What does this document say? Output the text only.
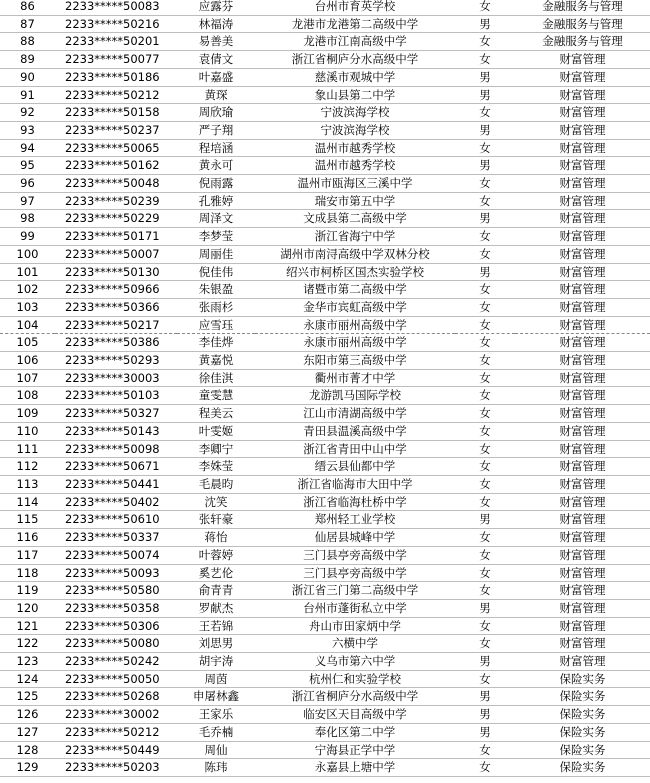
86	2233*****50083	应露芬	台州市育英学校	女	金融服务与管理
87	2233*****50216	林福涛	龙港市龙港第二高级中学	男	金融服务与管理
88	2233*****50201	易善美	龙港市江南高级中学	女	金融服务与管理
89	2233*****50077	袁倩文	浙江省桐庐分水高级中学	女	财富管理
90	2233*****50186	叶嘉盛	慈溪市观城中学	男	财富管理
91	2233*****50212	黄琛	象山县第二中学	男	财富管理
92	2233*****50158	周欣瑜	宁波滨海学校	女	财富管理
93	2233*****50237	严子翔	宁波滨海学校	男	财富管理
94	2233*****50065	程培涵	温州市越秀学校	女	财富管理
95	2233*****50162	黄永可	温州市越秀学校	男	财富管理
96	2233*****50048	倪雨露	温州市瓯海区三溪中学	女	财富管理
97	2233*****50239	孔雅婷	瑞安市第五中学	女	财富管理
98	2233*****50229	周泽文	文成县第二高级中学	男	财富管理
99	2233*****50171	李梦莹	浙江省海宁中学	女	财富管理
100	2233*****50007	周丽佳	湖州市南浔高级中学双林分校	女	财富管理
101	2233*****50130	倪佳伟	绍兴市柯桥区国杰实验学校	男	财富管理
102	2233*****50966	朱银盈	诸暨市第二高级中学	女	财富管理
103	2233*****50366	张雨杉	金华市宾虹高级中学	女	财富管理
104	2233*****50217	应雪珏	永康市丽州高级中学	女	财富管理
105	2233*****50386	李佳烨	永康市丽州高级中学	女	财富管理
106	2233*****50293	黄嘉悦	东阳市第三高级中学	女	财富管理
107	2233*****30003	徐佳淇	衢州市菁才中学	女	财富管理
108	2233*****50103	童雯慧	龙游凯马国际学校	女	财富管理
109	2233*****50327	程美云	江山市清湖高级中学	女	财富管理
110	2233*****50143	叶雯姬	青田县温溪高级中学	女	财富管理
111	2233*****50098	李卿宁	浙江省青田中山中学	女	财富管理
112	2233*****50671	李姝莹	缙云县仙都中学	女	财富管理
113	2233*****50441	毛晨昀	浙江省临海市大田中学	女	财富管理
114	2233*****50402	沈笑	浙江省临海杜桥中学	女	财富管理
115	2233*****50610	张轩豪	郑州轻工业学校	男	财富管理
116	2233*****50337	蒋怡	仙居县城峰中学	女	财富管理
117	2233*****50074	叶蓉婷	三门县亭旁高级中学	女	财富管理
118	2233*****50093	奚艺伦	三门县亭旁高级中学	女	财富管理
119	2233*****50580	俞青青	浙江省三门第二高级中学	女	财富管理
120	2233*****50358	罗献杰	台州市蓬街私立中学	男	财富管理
121	2233*****50306	王若锦	舟山市田家炳中学	女	财富管理
122	2233*****50080	刘思男	六横中学	女	财富管理
123	2233*****50242	胡宇涛	义乌市第六中学	男	财富管理
124	2233*****50050	周茵	杭州仁和实验学校	女	保险实务
125	2233*****50268	申屠林鑫	浙江省桐庐分水高级中学	男	保险实务
126	2233*****30002	王家乐	临安区天目高级中学	男	保险实务
127	2233*****50212	毛乔楠	奉化区第二中学	男	保险实务
128	2233*****50449	周仙	宁海县正学中学	女	保险实务
129	2233*****50203	陈玮	永嘉县上塘中学	女	保险实务
